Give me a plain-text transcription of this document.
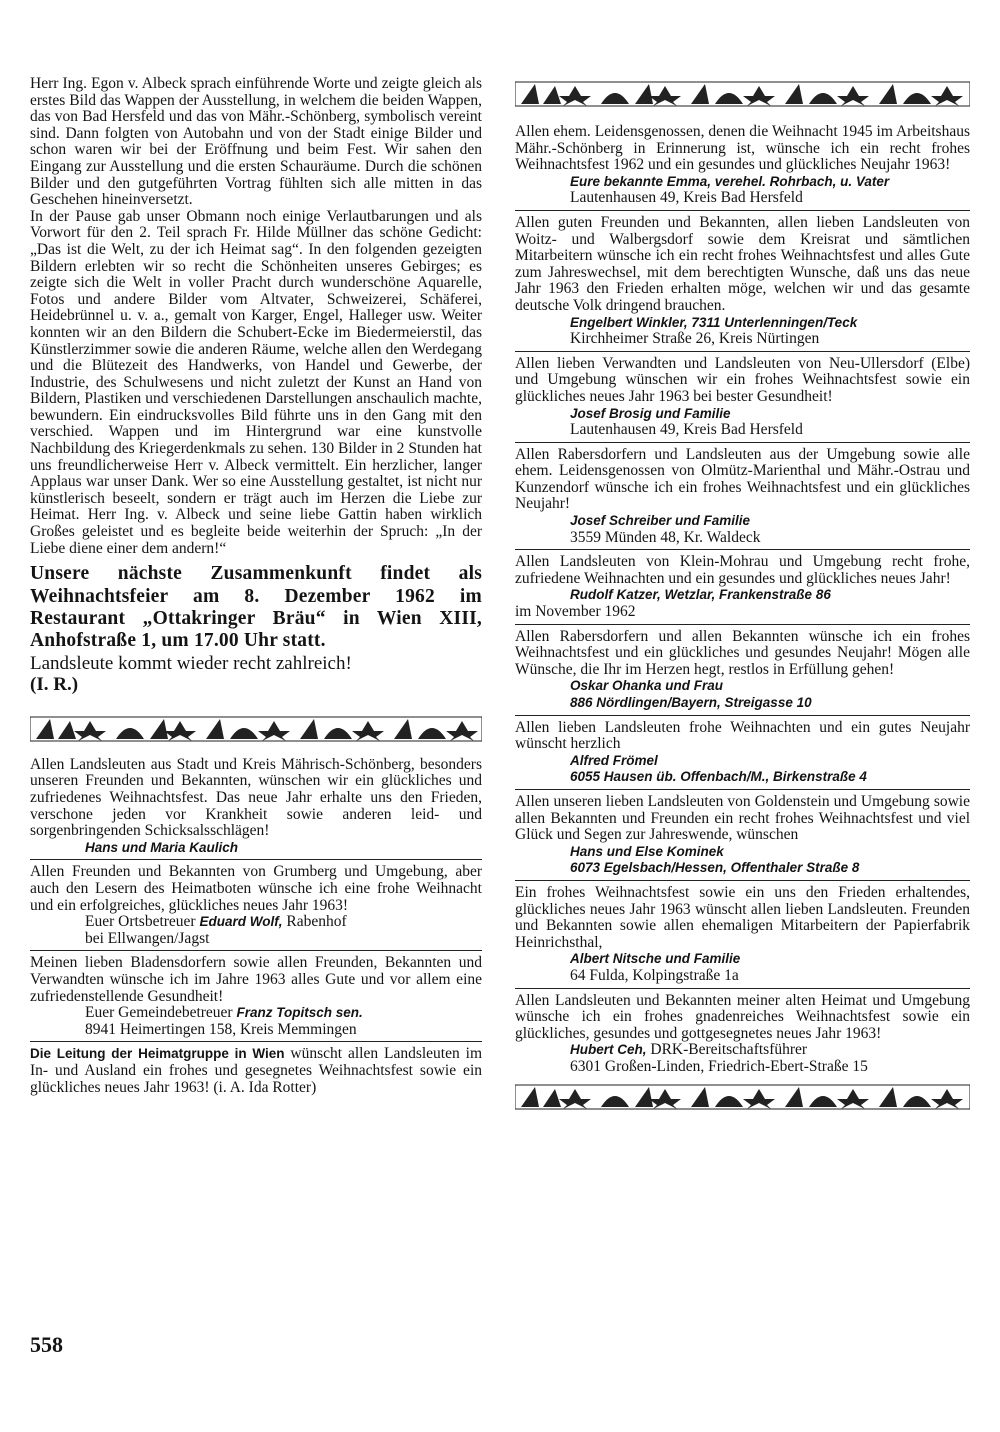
Herr Ing. Egon v. Albeck sprach einführende Worte und zeigte gleich als erstes Bild das Wappen der Ausstellung, in welchem die beiden Wappen, das von Bad Hersfeld und das von Mähr.-Schönberg, symbolisch vereint sind. Dann folgten von Autobahn und von der Stadt einige Bilder und schon waren wir bei der Eröffnung und beim Fest. Wir sahen den Eingang zur Ausstellung und die ersten Schauräume. Durch die schönen Bilder und den gutgeführten Vortrag fühlten sich alle mitten in das Geschehen hineinversetzt.

In der Pause gab unser Obmann noch einige Verlautbarungen und als Vorwort für den 2. Teil sprach Fr. Hilde Müllner das schöne Gedicht: „Das ist die Welt, zu der ich Heimat sag“. In den folgenden gezeigten Bildern erlebten wir so recht die Schönheiten unseres Gebirges; es zeigte sich die Welt in voller Pracht durch wunderschöne Aquarelle, Fotos und andere Bilder vom Altvater, Schweizerei, Schäferei, Heidebrünnel u. v. a., gemalt von Karger, Engel, Halleger usw. Weiter konnten wir an den Bildern die Schubert-Ecke im Biedermeierstil, das Künstlerzimmer sowie die anderen Räume, welche allen den Werdegang und die Blütezeit des Handwerks, von Handel und Gewerbe, der Industrie, des Schulwesens und nicht zuletzt der Kunst an Hand von Bildern, Plastiken und verschiedenen Darstellungen anschaulich machte, bewundern. Ein eindrucksvolles Bild führte uns in den Gang mit den verschied. Wappen und im Hintergrund war eine kunstvolle Nachbildung des Kriegerdenkmals zu sehen. 130 Bilder in 2 Stunden hat uns freundlicherweise Herr v. Albeck vermittelt. Ein herzlicher, langer Applaus war unser Dank. Wer so eine Ausstellung gestaltet, ist nicht nur künstlerisch beseelt, sondern er trägt auch im Herzen die Liebe zur Heimat. Herr Ing. v. Albeck und seine liebe Gattin haben wirklich Großes geleistet und es begleite beide weiterhin der Spruch: „In der Liebe diene einer dem andern!“

Unsere nächste Zusammenkunft findet als Weihnachtsfeier am 8. Dezember 1962 im Restaurant „Ottakringer Bräu“ in Wien XIII, Anhofstraße 1, um 17.00 Uhr statt.

Landsleute kommt wieder recht zahlreich!

(I. R.)

Allen Landsleuten aus Stadt und Kreis Mährisch-Schönberg, besonders unseren Freunden und Bekannten, wünschen wir ein glückliches und zufriedenes Weihnachtsfest. Das neue Jahr erhalte uns den Frieden, verschone jeden vor Krankheit sowie anderen leid- und sorgenbringenden Schicksalsschlägen!

Hans und Maria Kaulich

Allen Freunden und Bekannten von Grumberg und Umgebung, aber auch den Lesern des Heimatboten wünsche ich eine frohe Weihnacht und ein erfolgreiches, glückliches neues Jahr 1963!

Euer Ortsbetreuer Eduard Wolf, Rabenhof

bei Ellwangen/Jagst

Meinen lieben Bladensdorfern sowie allen Freunden, Bekannten und Verwandten wünsche ich im Jahre 1963 alles Gute und vor allem eine zufriedenstellende Gesundheit!

Euer Gemeindebetreuer Franz Topitsch sen.

8941 Heimertingen 158, Kreis Memmingen

Die Leitung der Heimatgruppe in Wien wünscht allen Landsleuten im In- und Ausland ein frohes und gesegnetes Weihnachtsfest sowie ein glückliches neues Jahr 1963! (i. A. Ida Rotter)

Allen ehem. Leidensgenossen, denen die Weihnacht 1945 im Arbeitshaus Mähr.-Schönberg in Erinnerung ist, wünsche ich ein recht frohes Weihnachtsfest 1962 und ein gesundes und glückliches Neujahr 1963!

Eure bekannte Emma, verehel. Rohrbach, u. Vater

Lautenhausen 49, Kreis Bad Hersfeld

Allen guten Freunden und Bekannten, allen lieben Landsleuten von Woitz- und Walbergsdorf sowie dem Kreisrat und sämtlichen Mitarbeitern wünsche ich ein recht frohes Weihnachtsfest und alles Gute zum Jahreswechsel, mit dem berechtigten Wunsche, daß uns das neue Jahr 1963 den Frieden erhalten möge, welchen wir und das gesamte deutsche Volk dringend brauchen.

Engelbert Winkler, 7311 Unterlenningen/Teck

Kirchheimer Straße 26, Kreis Nürtingen

Allen lieben Verwandten und Landsleuten von Neu-Ullersdorf (Elbe) und Umgebung wünschen wir ein frohes Weihnachtsfest sowie ein glückliches neues Jahr 1963 bei bester Gesundheit!

Josef Brosig und Familie

Lautenhausen 49, Kreis Bad Hersfeld

Allen Rabersdorfern und Landsleuten aus der Umgebung sowie alle ehem. Leidensgenossen von Olmütz-Marienthal und Mähr.-Ostrau und Kunzendorf wünsche ich ein frohes Weihnachtsfest und ein glückliches Neujahr!

Josef Schreiber und Familie

3559 Münden 48, Kr. Waldeck

Allen Landsleuten von Klein-Mohrau und Umgebung recht frohe, zufriedene Weihnachten und ein gesundes und glückliches neues Jahr!

Rudolf Katzer, Wetzlar, Frankenstraße 86

im November 1962

Allen Rabersdorfern und allen Bekannten wünsche ich ein frohes Weihnachtsfest und ein glückliches und gesundes Neujahr! Mögen alle Wünsche, die Ihr im Herzen hegt, restlos in Erfüllung gehen!

Oskar Ohanka und Frau

886 Nördlingen/Bayern, Streigasse 10

Allen lieben Landsleuten frohe Weihnachten und ein gutes Neujahr wünscht herzlich

Alfred Frömel

6055 Hausen üb. Offenbach/M., Birkenstraße 4

Allen unseren lieben Landsleuten von Goldenstein und Umgebung sowie allen Bekannten und Freunden ein recht frohes Weihnachtsfest und viel Glück und Segen zur Jahreswende, wünschen

Hans und Else Kominek

6073 Egelsbach/Hessen, Offenthaler Straße 8

Ein frohes Weihnachtsfest sowie ein uns den Frieden erhaltendes, glückliches neues Jahr 1963 wünscht allen lieben Landsleuten. Freunden und Bekannten sowie allen ehemaligen Mitarbeitern der Papierfabrik Heinrichsthal,

Albert Nitsche und Familie

64 Fulda, Kolpingstraße 1a

Allen Landsleuten und Bekannten meiner alten Heimat und Umgebung wünsche ich ein frohes gnadenreiches Weihnachtsfest sowie ein glückliches, gesundes und gottgesegnetes neues Jahr 1963!

Hubert Ceh, DRK-Bereitschaftsführer

6301 Großen-Linden, Friedrich-Ebert-Straße 15

558
